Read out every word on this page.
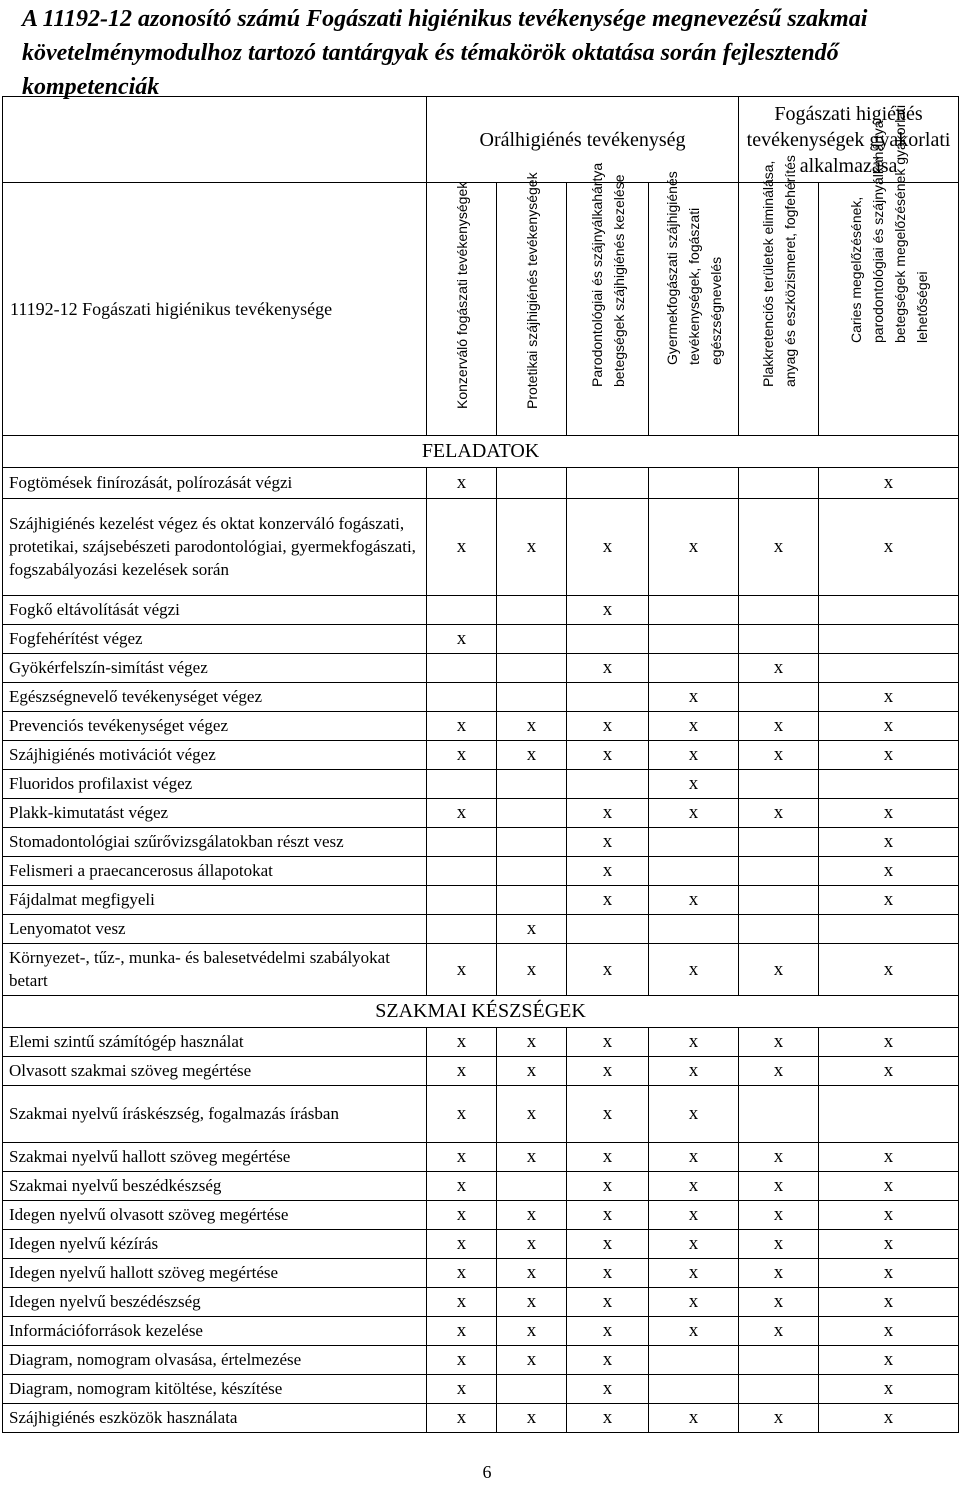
A 11192-12 azonosító számú Fogászati higiénikus tevékenysége megnevezésű szakmai követelménymodulhoz tartozó tantárgyak és témakörök oktatása során fejlesztendő kompetenciák
	Orálhigiénés tevékenység				Fogászati higiénés tevékenységek gyakorlati alkalmazása	
11192-12 Fogászati higiénikus tevékenysége	Konzerváló fogászati tevékenységek	Protetikai szájhigiénés tevékenységek	Parodontológiai és szájnyálkahártya betegségek szájhigiénés kezelése	Gyermekfogászati szájhigiénés tevékenységek, fogászati egészségnevelés	Plakkretenciós területek eliminálása, anyag és eszközismeret, fogfehérítés	Caries megelőzésének, parodontológiai és szájnyálkahártya betegségek megelőzésének gyakorlati lehetőségei

FELADATOK						
Fogtömések finírozását, polírozását végzi	x					x
Szájhigiénés kezelést végez és oktat konzerváló fogászati, protetikai, szájsebészeti parodontológiai, gyermekfogászati, fogszabályozási kezelések során	x	x	x	x	x	x
Fogkő eltávolítását végzi			x			
Fogfehérítést végez	x					
Gyökérfelszín-simítást végez			x		x	
Egészségnevelő tevékenységet végez				x		x
Prevenciós tevékenységet végez	x	x	x	x	x	x
Szájhigiénés motivációt végez	x	x	x	x	x	x
Fluoridos profilaxist végez				x		
Plakk-kimutatást végez	x		x	x	x	x
Stomadontológiai szűrővizsgálatokban részt vesz			x			x
Felismeri a praecancerosus állapotokat			x			x
Fájdalmat megfigyeli			x	x		x
Lenyomatot vesz		x				
Környezet-, tűz-, munka- és balesetvédelmi szabályokat betart	x	x	x	x	x	x
SZAKMAI KÉSZSÉGEK						
Elemi szintű számítógép használat	x	x	x	x	x	x
Olvasott szakmai szöveg megértése	x	x	x	x	x	x
Szakmai nyelvű íráskészség, fogalmazás írásban	x	x	x	x		
Szakmai nyelvű hallott szöveg megértése	x	x	x	x	x	x
Szakmai nyelvű beszédkészség	x		x	x	x	x
Idegen nyelvű olvasott szöveg megértése	x	x	x	x	x	x
Idegen nyelvű kézírás	x	x	x	x	x	x
Idegen nyelvű hallott szöveg megértése	x	x	x	x	x	x
Idegen nyelvű beszédészség	x	x	x	x	x	x
Információforrások kezelése	x	x	x	x	x	x
Diagram, nomogram olvasása, értelmezése	x	x	x			x
Diagram, nomogram kitöltése, készítése	x		x			x
Szájhigiénés eszközök használata	x	x	x	x	x	x
6
